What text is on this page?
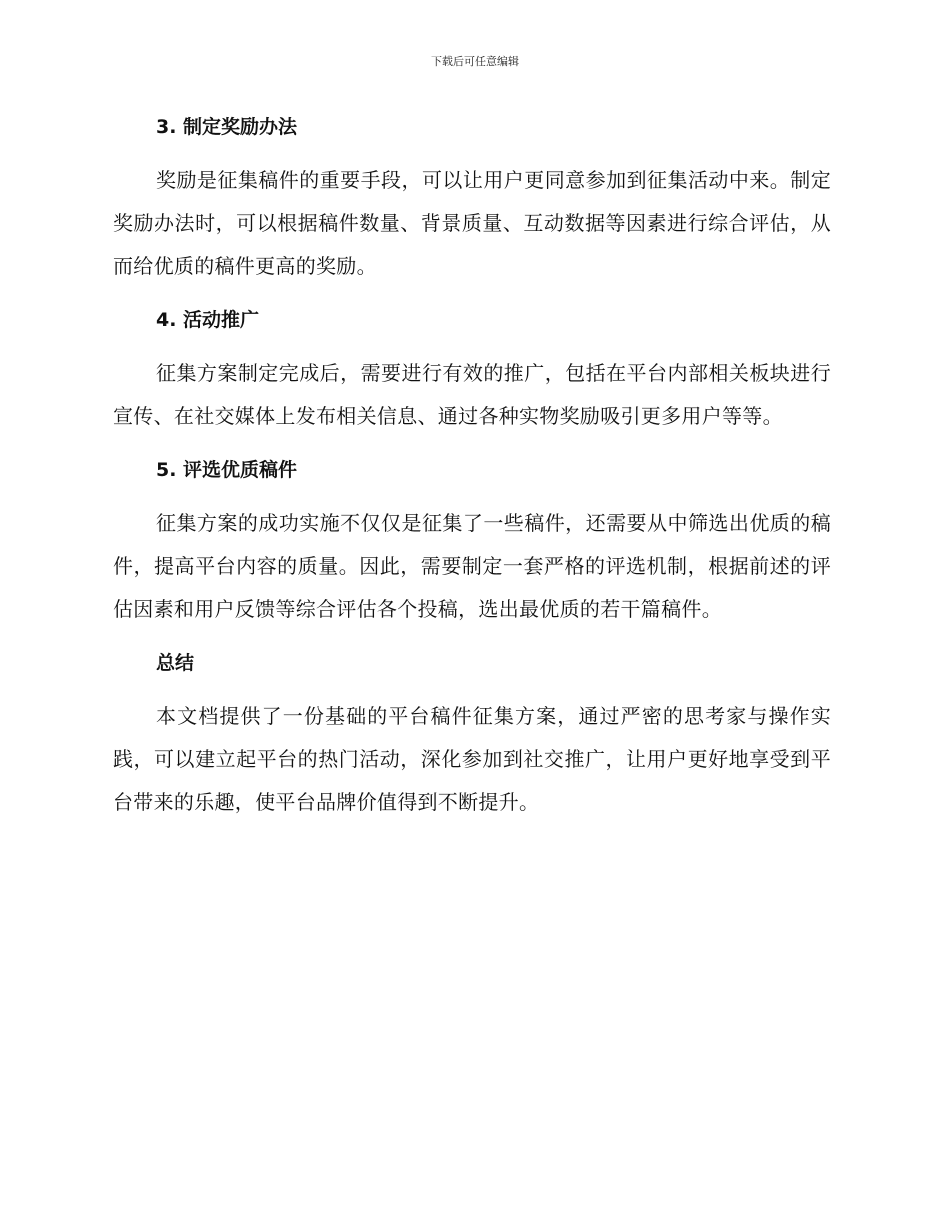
下载后可任意编辑
3. 制定奖励办法

奖励是征集稿件的重要手段，可以让用户更同意参加到征集活动中来。制定奖励办法时，可以根据稿件数量、背景质量、互动数据等因素进行综合评估，从而给优质的稿件更高的奖励。

4. 活动推广

征集方案制定完成后，需要进行有效的推广，包括在平台内部相关板块进行宣传、在社交媒体上发布相关信息、通过各种实物奖励吸引更多用户等等。

5. 评选优质稿件

征集方案的成功实施不仅仅是征集了一些稿件，还需要从中筛选出优质的稿件，提高平台内容的质量。因此，需要制定一套严格的评选机制，根据前述的评估因素和用户反馈等综合评估各个投稿，选出最优质的若干篇稿件。

总结

本文档提供了一份基础的平台稿件征集方案，通过严密的思考家与操作实践，可以建立起平台的热门活动，深化参加到社交推广，让用户更好地享受到平台带来的乐趣，使平台品牌价值得到不断提升。
